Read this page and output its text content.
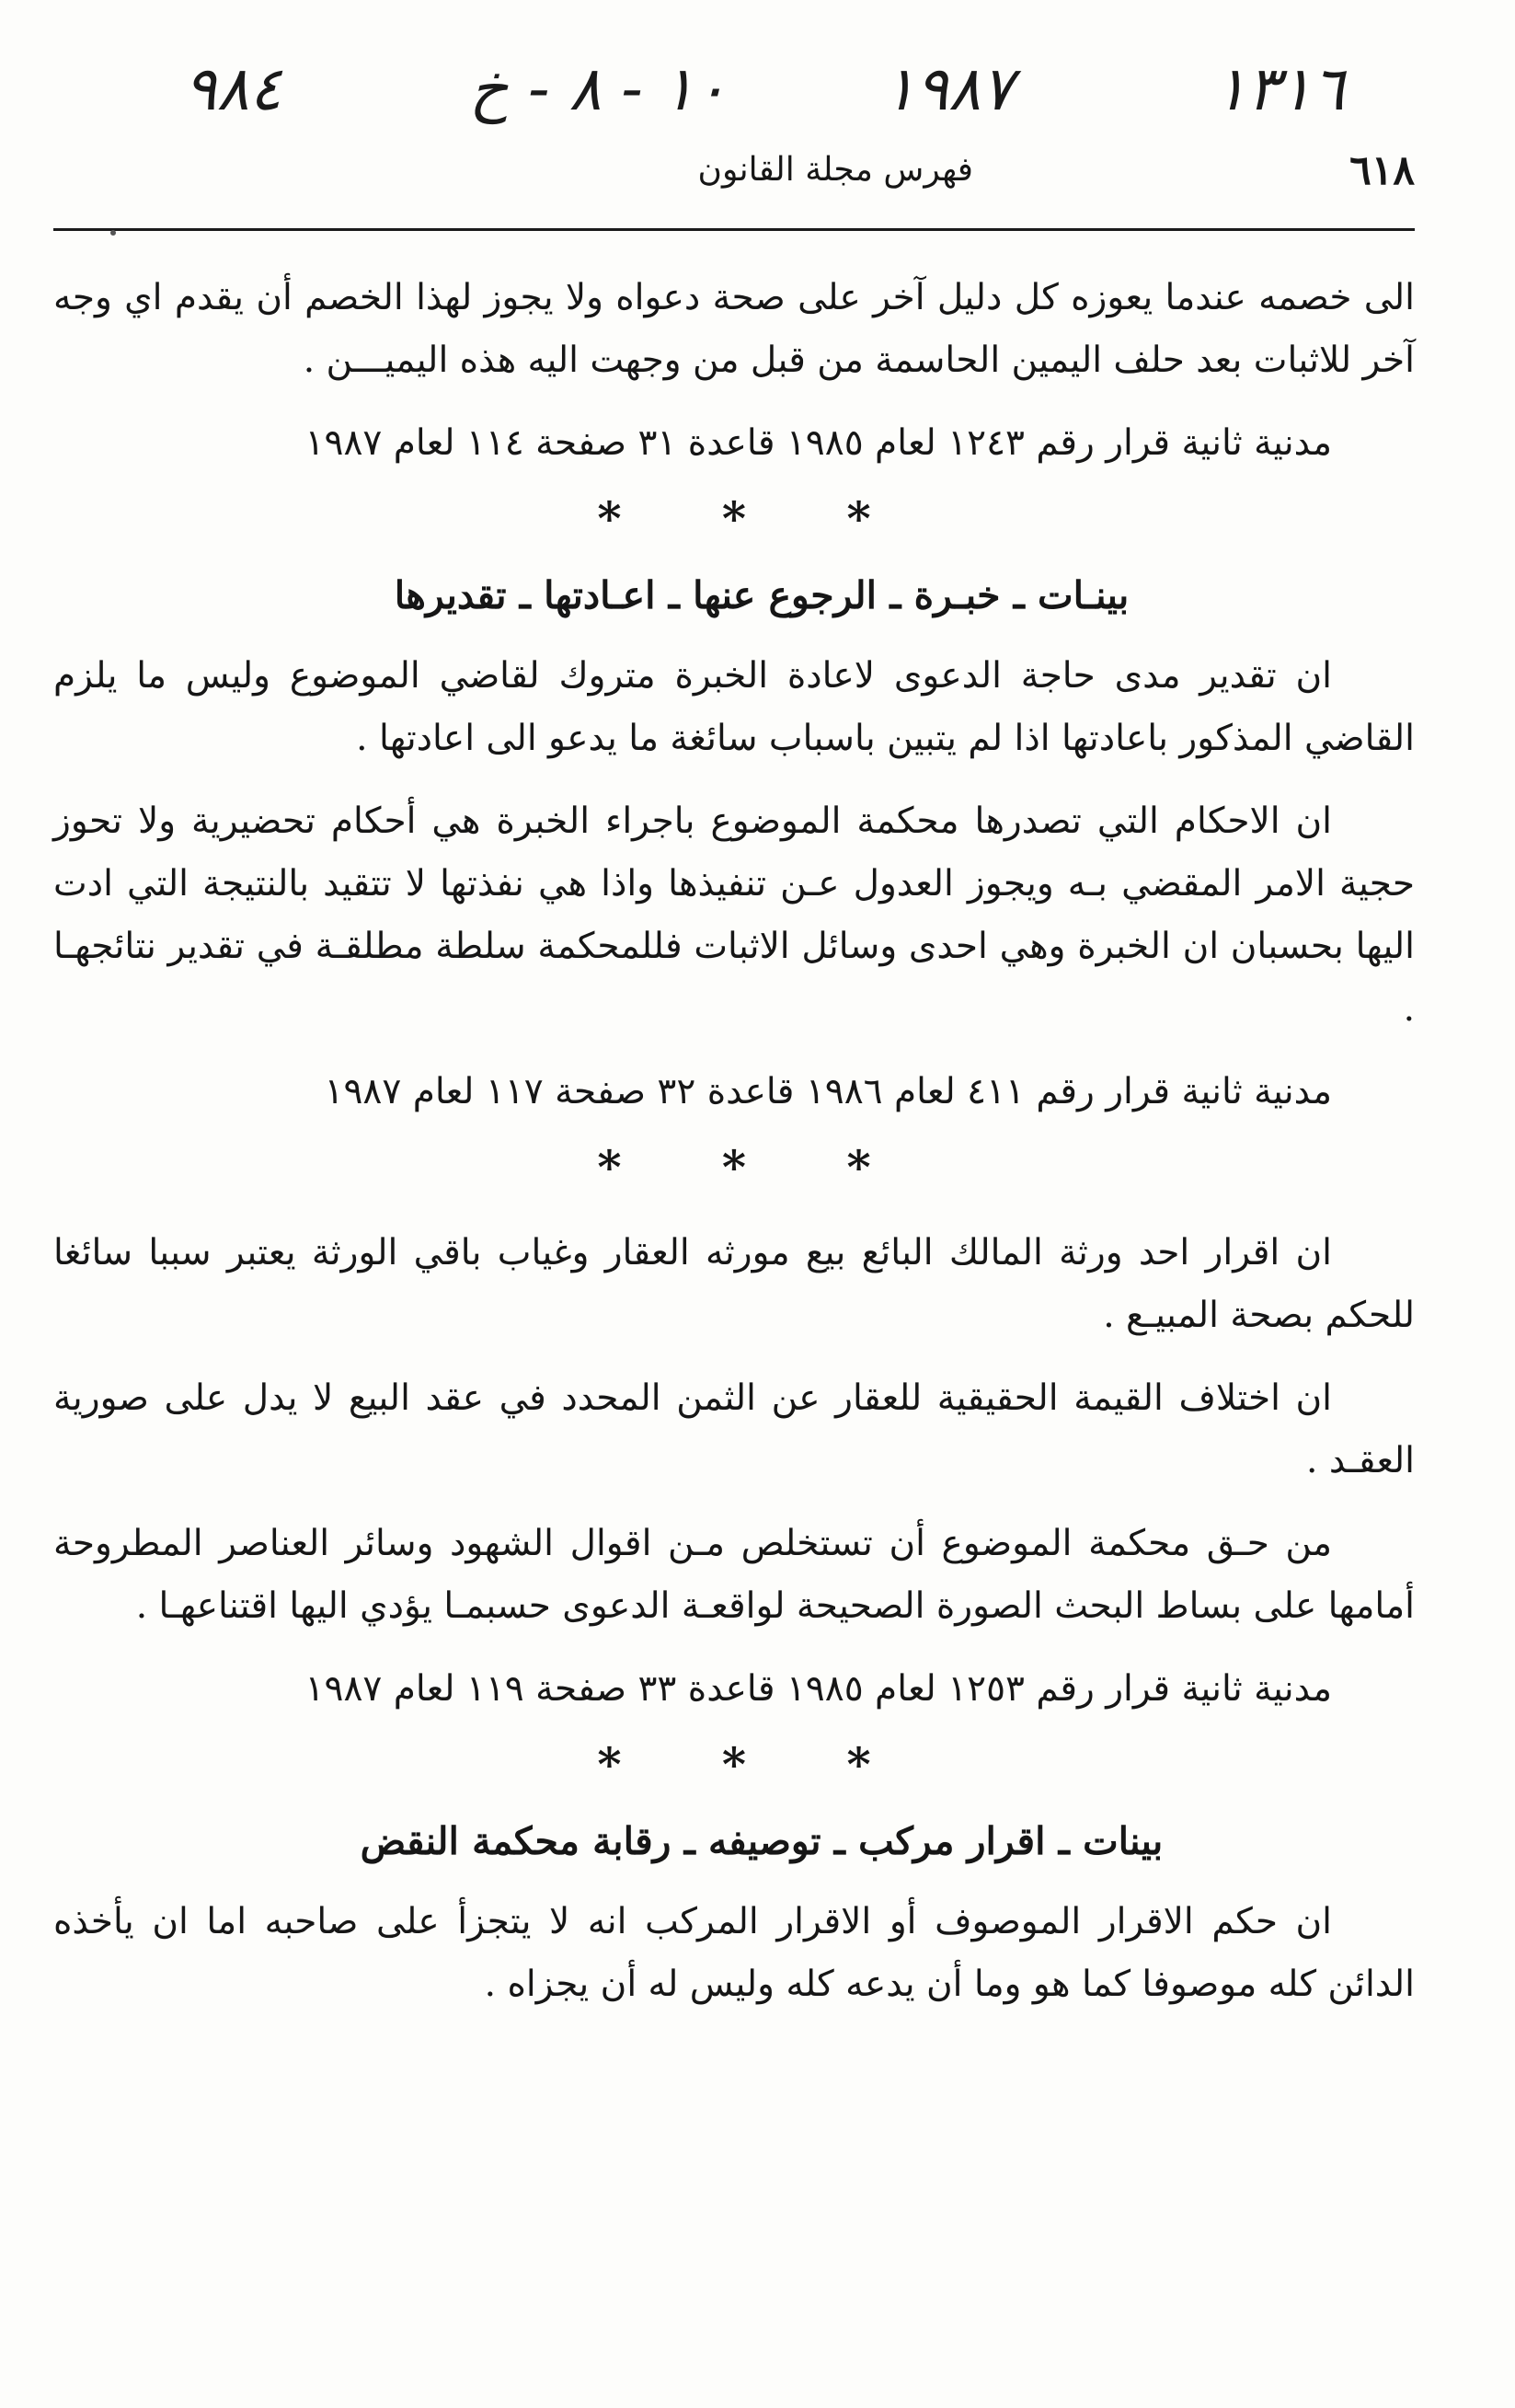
٩٨٤	١٠ - ٨ - خ	١٩٨٧	١٣١٦
٦١٨
فهرس مجلة القانون

الى خصمه عندما يعوزه كل دليل آخر على صحة دعواه ولا يجوز لهذا الخصم أن يقدم اي وجه آخر للاثبات بعد حلف اليمين الحاسمة من قبل من وجهت اليه هذه اليميـــن .

مدنية ثانية قرار رقم ١٢٤٣ لعام ١٩٨٥ قاعدة ٣١ صفحة ١١٤ لعام ١٩٨٧

* * *
بينـات ـ خبـرة ـ الرجوع عنها ـ اعـادتها ـ تقديرها

ان تقدير مدى حاجة الدعوى لاعادة الخبرة متروك لقاضي الموضوع وليس ما يلزم القاضي المذكور باعادتها اذا لم يتبين باسباب سائغة ما يدعو الى اعادتها .

ان الاحكام التي تصدرها محكمة الموضوع باجراء الخبرة هي أحكام تحضيرية ولا تحوز حجية الامر المقضي بـه ويجوز العدول عـن تنفيذها واذا هي نفذتها لا تتقيد بالنتيجة التي ادت اليها بحسبان ان الخبرة وهي احدى وسائل الاثبات فللمحكمة سلطة مطلقـة في تقدير نتائجهـا .

مدنية ثانية قرار رقم ٤١١ لعام ١٩٨٦ قاعدة ٣٢ صفحة ١١٧ لعام ١٩٨٧

* * *

ان اقرار احد ورثة المالك البائع بيع مورثه العقار وغياب باقي الورثة يعتبر سببا سائغا للحكم بصحة المبيـع .

ان اختلاف القيمة الحقيقية للعقار عن الثمن المحدد في عقد البيع لا يدل على صورية العقـد .

من حـق محكمة الموضوع أن تستخلص مـن اقوال الشهود وسائر العناصر المطروحة أمامها على بساط البحث الصورة الصحيحة لواقعـة الدعوى حسبمـا يؤدي اليها اقتناعهـا .

مدنية ثانية قرار رقم ١٢٥٣ لعام ١٩٨٥ قاعدة ٣٣ صفحة ١١٩ لعام ١٩٨٧

* * *
بينات ـ اقرار مركب ـ توصيفه ـ رقابة محكمة النقض

ان حكم الاقرار الموصوف أو الاقرار المركب انه لا يتجزأ على صاحبه اما ان يأخذه الدائن كله موصوفا كما هو وما أن يدعه كله وليس له أن يجزاه .
